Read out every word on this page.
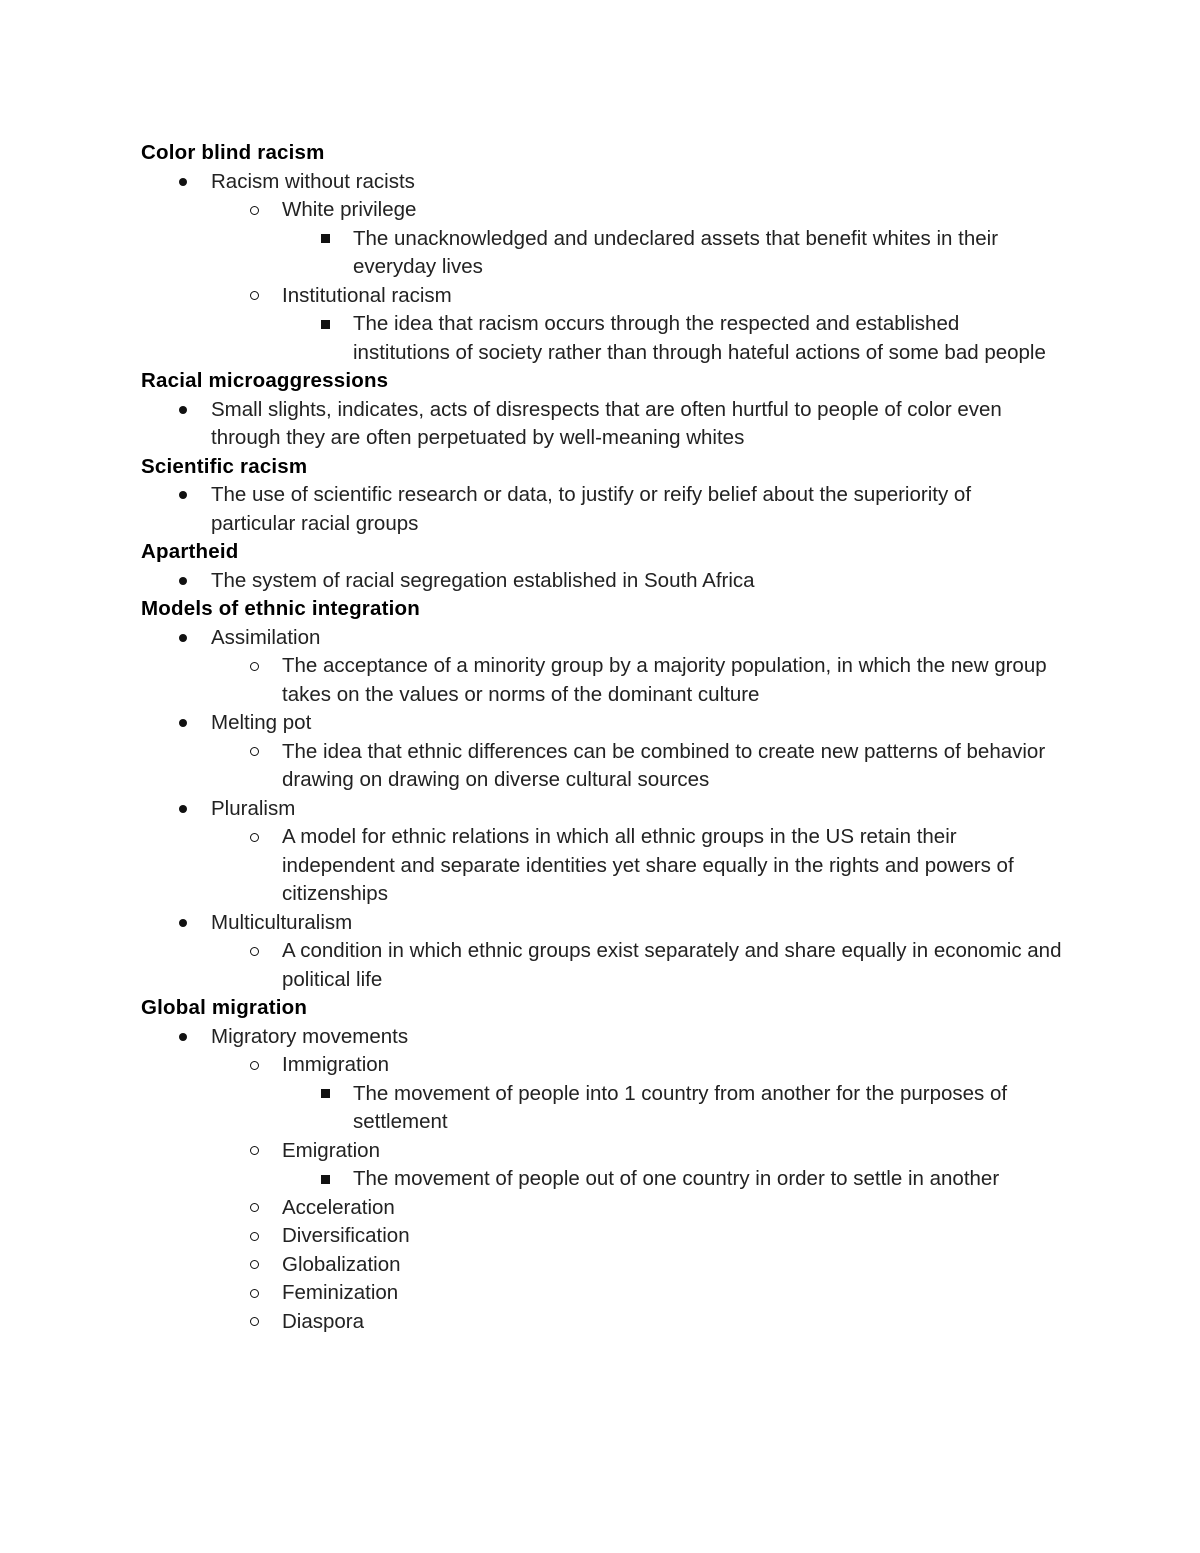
Color blind racism
Racism without racists
White privilege
The unacknowledged and undeclared assets that benefit whites in their everyday lives
Institutional racism
The idea that racism occurs through the respected and established institutions of society rather than through hateful actions of some bad people
Racial microaggressions
Small slights, indicates, acts of disrespects that are often hurtful to people of color even through they are often perpetuated by well-meaning whites
Scientific racism
The use of scientific research or data, to justify or reify belief about the superiority of particular racial groups
Apartheid
The system of racial segregation established in South Africa
Models of ethnic integration
Assimilation
The acceptance of a minority group by a majority population, in which the new group takes on the values or norms of the dominant culture
Melting pot
The idea that ethnic differences can be combined to create new patterns of behavior drawing on drawing on diverse cultural sources
Pluralism
A model for ethnic relations in which all ethnic groups in the US retain their independent and separate identities yet share equally in the rights and powers of citizenships
Multiculturalism
A condition in which ethnic groups exist separately and share equally in economic and political life
Global migration
Migratory movements
Immigration
The movement of people into 1 country from another for the purposes of settlement
Emigration
The movement of people out of one country in order to settle in another
Acceleration
Diversification
Globalization
Feminization
Diaspora
